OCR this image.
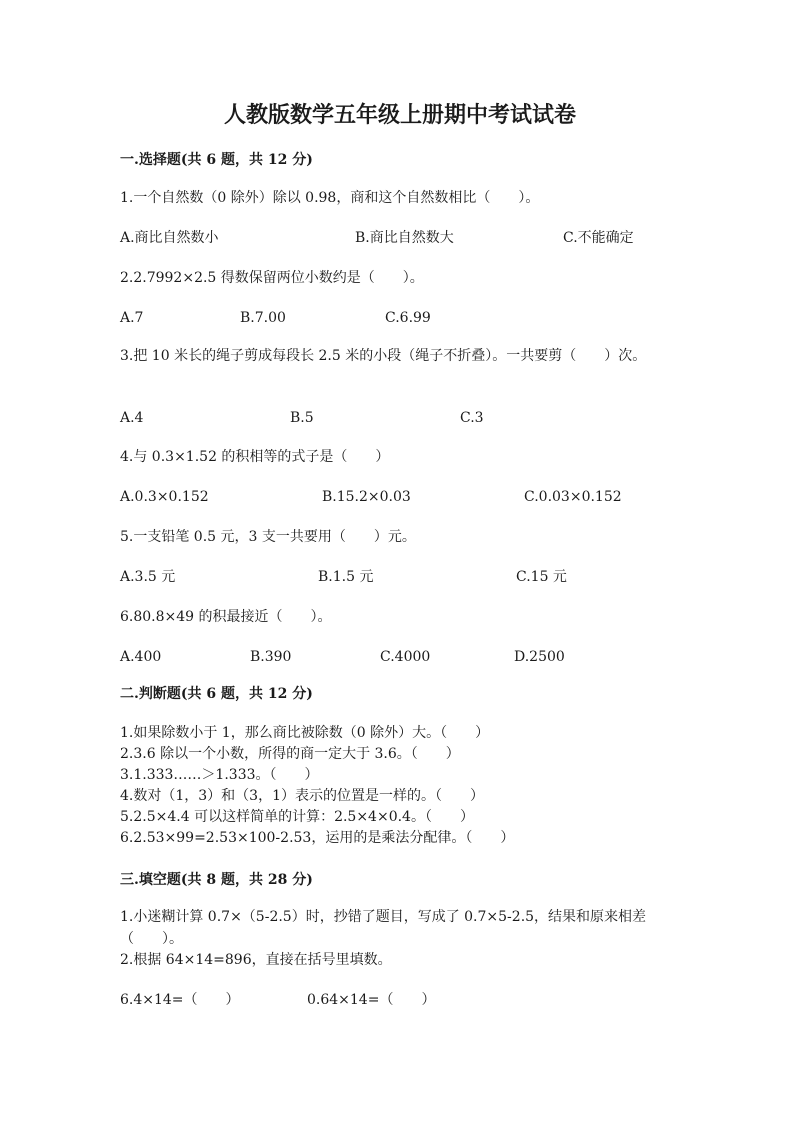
人教版数学五年级上册期中考试试卷
一.选择题(共 6 题，共 12 分)
1.一个自然数（0 除外）除以 0.98，商和这个自然数相比（　　）。
A.商比自然数小	B.商比自然数大	C.不能确定
2.2.7992×2.5 得数保留两位小数约是（　　）。
A.7	B.7.00	C.6.99
3.把 10 米长的绳子剪成每段长 2.5 米的小段（绳子不折叠）。一共要剪（　　）次。
A.4	B.5	C.3
4.与 0.3×1.52 的积相等的式子是（　　）
A.0.3×0.152	B.15.2×0.03	C.0.03×0.152
5.一支铅笔 0.5 元，3 支一共要用（　　）元。
A.3.5 元	B.1.5 元	C.15 元
6.80.8×49 的积最接近（　　）。
A.400	B.390	C.4000	D.2500
二.判断题(共 6 题，共 12 分)
1.如果除数小于 1，那么商比被除数（0 除外）大。（　　）
2.3.6 除以一个小数，所得的商一定大于 3.6。（　　）
3.1.333……＞1.333。（　　）
4.数对（1，3）和（3，1）表示的位置是一样的。（　　）
5.2.5×4.4 可以这样简单的计算：2.5×4×0.4。（　　）
6.2.53×99=2.53×100-2.53，运用的是乘法分配律。（　　）
三.填空题(共 8 题，共 28 分)
1.小迷糊计算 0.7×（5-2.5）时，抄错了题目，写成了 0.7×5-2.5，结果和原来相差（　　）。
2.根据 64×14=896，直接在括号里填数。
6.4×14=（　　）	0.64×14=（　　）
